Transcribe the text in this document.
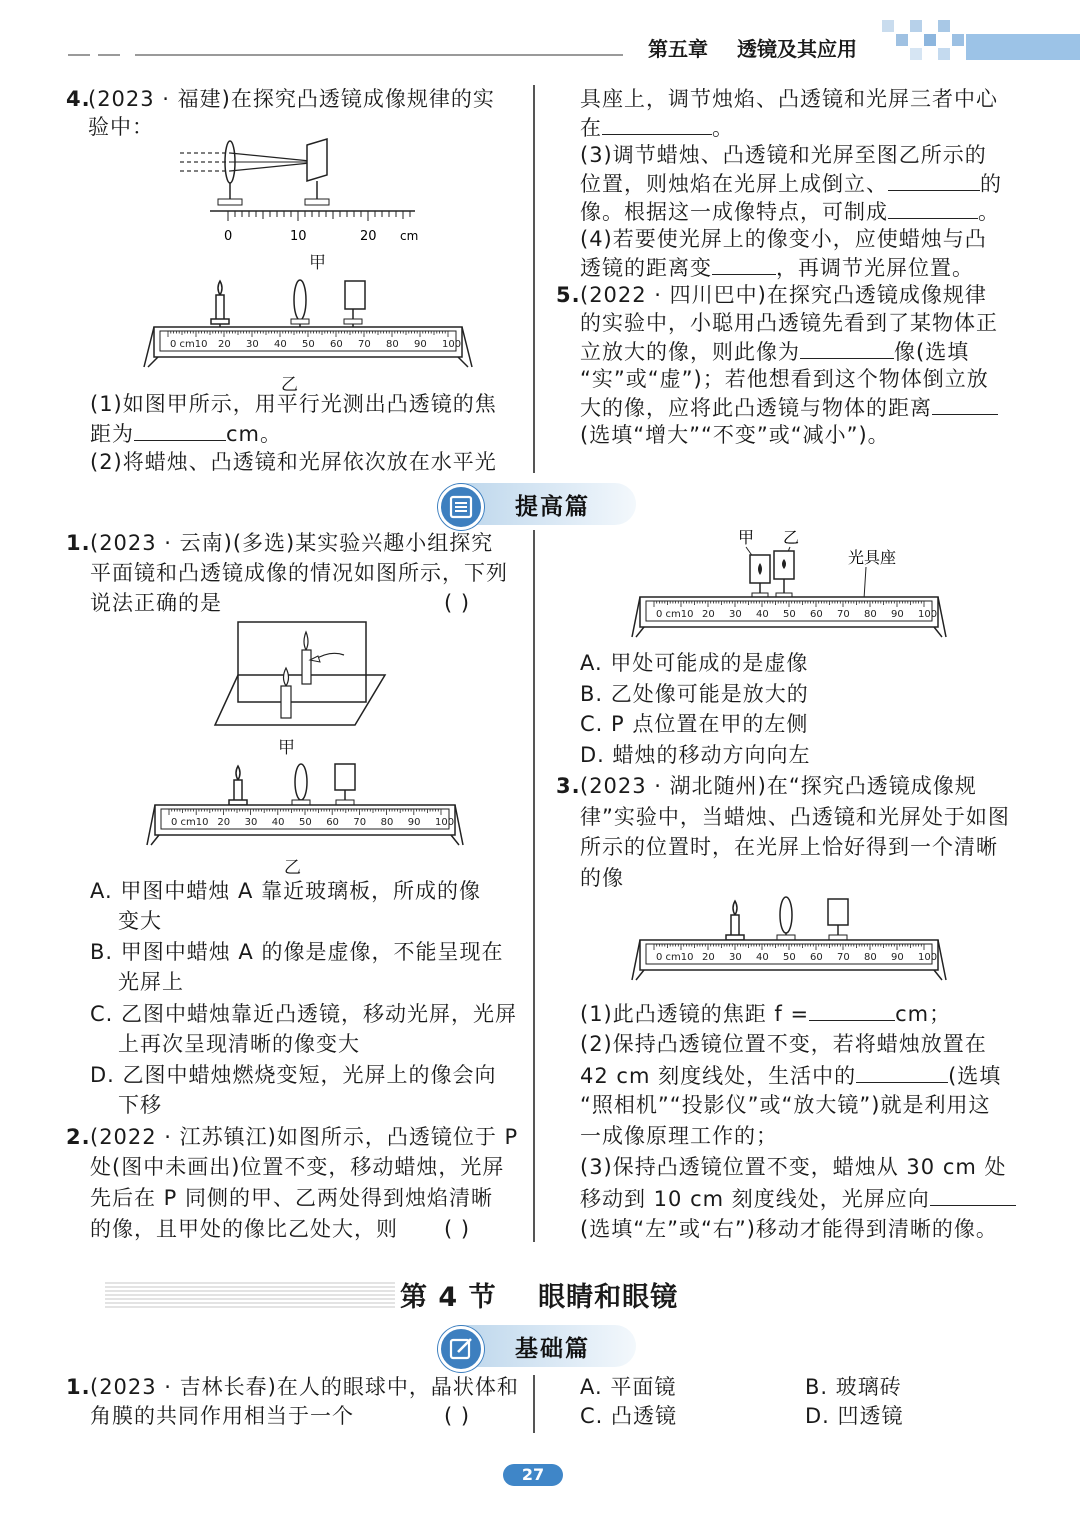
第五章 透镜及其应用
4.
(2023 · 福建)在探究凸透镜成像规律的实
验中：
0	10	20 cm
甲
0 cm10 20 30 40 50 60 70 80 90 100
乙
(1)如图甲所示，用平行光测出凸透镜的焦
距为	cm。
(2)将蜡烛、凸透镜和光屏依次放在水平光
具座上，调节烛焰、凸透镜和光屏三者中心
在	。
(3)调节蜡烛、凸透镜和光屏至图乙所示的
位置，则烛焰在光屏上成倒立、	的
像。根据这一成像特点，可制成	。
(4)若要使光屏上的像变小，应使蜡烛与凸
透镜的距离变	，再调节光屏位置。
5. (2022 · 四川巴中)在探究凸透镜成像规律
的实验中，小聪用凸透镜先看到了某物体正
立放大的像，则此像为	像(选填
“实”或“虚”)；若他想看到这个物体倒立放
大的像，应将此凸透镜与物体的距离
(选填“增大”“不变”或“减小”)。
提高篇
1. (2023 · 云南)(多选)某实验兴趣小组探究
平面镜和凸透镜成像的情况如图所示，下列
说法正确的是	( )
甲
0 cm10 20 30 40 50 60 70 80 90 100
乙
A. 甲图中蜡烛 A 靠近玻璃板，所成的像
变大
B. 甲图中蜡烛 A 的像是虚像，不能呈现在
光屏上
C. 乙图中蜡烛靠近凸透镜，移动光屏，光屏
上再次呈现清晰的像变大
D. 乙图中蜡烛燃烧变短，光屏上的像会向
下移
2. (2022 · 江苏镇江)如图所示，凸透镜位于 P
处(图中未画出)位置不变，移动蜡烛，光屏
先后在 P 同侧的甲、乙两处得到烛焰清晰
的像，且甲处的像比乙处大，则 ( )
甲 乙
光具座
0 cm10 20 30 40 50 60 70 80 90 100
A. 甲处可能成的是虚像
B. 乙处像可能是放大的
C. P 点位置在甲的左侧
D. 蜡烛的移动方向向左
3. (2023 · 湖北随州)在“探究凸透镜成像规
律”实验中，当蜡烛、凸透镜和光屏处于如图
所示的位置时，在光屏上恰好得到一个清晰
的像
0 cm10 20 30 40 50 60 70 80 90 100
(1)此凸透镜的焦距 f =	cm；
(2)保持凸透镜位置不变，若将蜡烛放置在
42 cm 刻度线处，生活中的	(选填
“照相机”“投影仪”或“放大镜”)就是利用这
一成像原理工作的；
(3)保持凸透镜位置不变，蜡烛从 30 cm 处
移动到 10 cm 刻度线处，光屏应向
(选填“左”或“右”)移动才能得到清晰的像。
第 4 节    眼睛和眼镜
基础篇
1. (2023 · 吉林长春)在人的眼球中，晶状体和
角膜的共同作用相当于一个	( )
A. 平面镜	B. 玻璃砖
C. 凸透镜	D. 凹透镜
27
